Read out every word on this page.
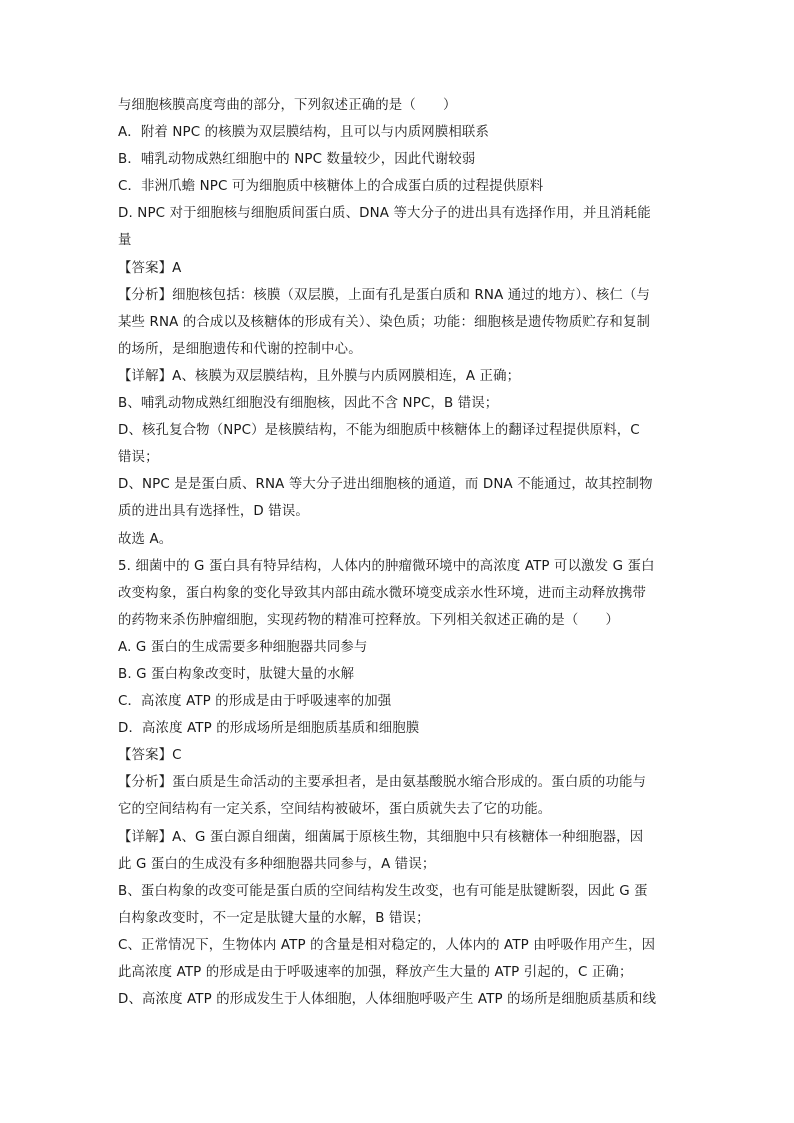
与细胞核膜高度弯曲的部分，下列叙述正确的是（　　）
A．附着 NPC 的核膜为双层膜结构，且可以与内质网膜相联系
B．哺乳动物成熟红细胞中的 NPC 数量较少，因此代谢较弱
C．非洲爪蟾 NPC 可为细胞质中核糖体上的合成蛋白质的过程提供原料
D. NPC 对于细胞核与细胞质间蛋白质、DNA 等大分子的进出具有选择作用，并且消耗能
量
【答案】A
【分析】细胞核包括：核膜（双层膜，上面有孔是蛋白质和 RNA 通过的地方）、核仁（与
某些 RNA 的合成以及核糖体的形成有关）、染色质；功能：细胞核是遗传物质贮存和复制
的场所，是细胞遗传和代谢的控制中心。
【详解】A、核膜为双层膜结构，且外膜与内质网膜相连，A 正确；
B、哺乳动物成熟红细胞没有细胞核，因此不含 NPC，B 错误；
D、核孔复合物（NPC）是核膜结构，不能为细胞质中核糖体上的翻译过程提供原料，C
错误；
D、NPC 是是蛋白质、RNA 等大分子进出细胞核的通道，而 DNA 不能通过，故其控制物
质的进出具有选择性，D 错误。
故选 A。
5. 细菌中的 G 蛋白具有特异结构，人体内的肿瘤微环境中的高浓度 ATP 可以激发 G 蛋白
改变构象，蛋白构象的变化导致其内部由疏水微环境变成亲水性环境，进而主动释放携带
的药物来杀伤肿瘤细胞，实现药物的精准可控释放。下列相关叙述正确的是（　　）
A. G 蛋白的生成需要多种细胞器共同参与
B. G 蛋白构象改变时，肽键大量的水解
C．高浓度 ATP 的形成是由于呼吸速率的加强
D．高浓度 ATP 的形成场所是细胞质基质和细胞膜
【答案】C
【分析】蛋白质是生命活动的主要承担者，是由氨基酸脱水缩合形成的。蛋白质的功能与
它的空间结构有一定关系，空间结构被破坏，蛋白质就失去了它的功能。
【详解】A、G 蛋白源自细菌，细菌属于原核生物，其细胞中只有核糖体一种细胞器，因
此 G 蛋白的生成没有多种细胞器共同参与，A 错误；
B、蛋白构象的改变可能是蛋白质的空间结构发生改变，也有可能是肽键断裂，因此 G 蛋
白构象改变时，不一定是肽键大量的水解，B 错误；
C、正常情况下，生物体内 ATP 的含量是相对稳定的，人体内的 ATP 由呼吸作用产生，因
此高浓度 ATP 的形成是由于呼吸速率的加强，释放产生大量的 ATP 引起的，C 正确；
D、高浓度 ATP 的形成发生于人体细胞，人体细胞呼吸产生 ATP 的场所是细胞质基质和线
